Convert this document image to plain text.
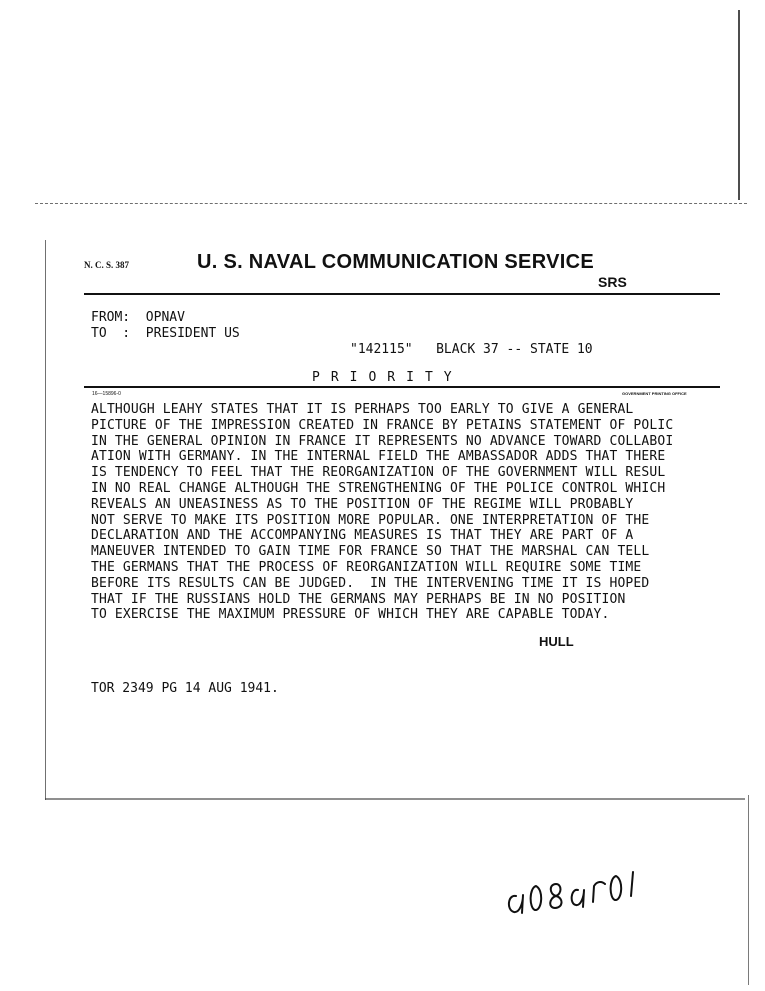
N. C. S. 387	U. S. NAVAL COMMUNICATION SERVICE
SRS
FROM: OPNAV
TO  : PRESIDENT US
"142115"   BLACK 37 -- STATE 10
PRIORITY
16—15896-0	GOVERNMENT PRINTING OFFICE
ALTHOUGH LEAHY STATES THAT IT IS PERHAPS TOO EARLY TO GIVE A GENERAL
PICTURE OF THE IMPRESSION CREATED IN FRANCE BY PETAINS STATEMENT OF POLIC
IN THE GENERAL OPINION IN FRANCE IT REPRESENTS NO ADVANCE TOWARD COLLABOI
ATION WITH GERMANY. IN THE INTERNAL FIELD THE AMBASSADOR ADDS THAT THERE
IS TENDENCY TO FEEL THAT THE REORGANIZATION OF THE GOVERNMENT WILL RESUL
IN NO REAL CHANGE ALTHOUGH THE STRENGTHENING OF THE POLICE CONTROL WHICH
REVEALS AN UNEASINESS AS TO THE POSITION OF THE REGIME WILL PROBABLY
NOT SERVE TO MAKE ITS POSITION MORE POPULAR. ONE INTERPRETATION OF THE
DECLARATION AND THE ACCOMPANYING MEASURES IS THAT THEY ARE PART OF A
MANEUVER INTENDED TO GAIN TIME FOR FRANCE SO THAT THE MARSHAL CAN TELL
THE GERMANS THAT THE PROCESS OF REORGANIZATION WILL REQUIRE SOME TIME
BEFORE ITS RESULTS CAN BE JUDGED.  IN THE INTERVENING TIME IT IS HOPED
THAT IF THE RUSSIANS HOLD THE GERMANS MAY PERHAPS BE IN NO POSITION
TO EXERCISE THE MAXIMUM PRESSURE OF WHICH THEY ARE CAPABLE TODAY.
HULL
TOR 2349 PG 14 AUG 1941.
